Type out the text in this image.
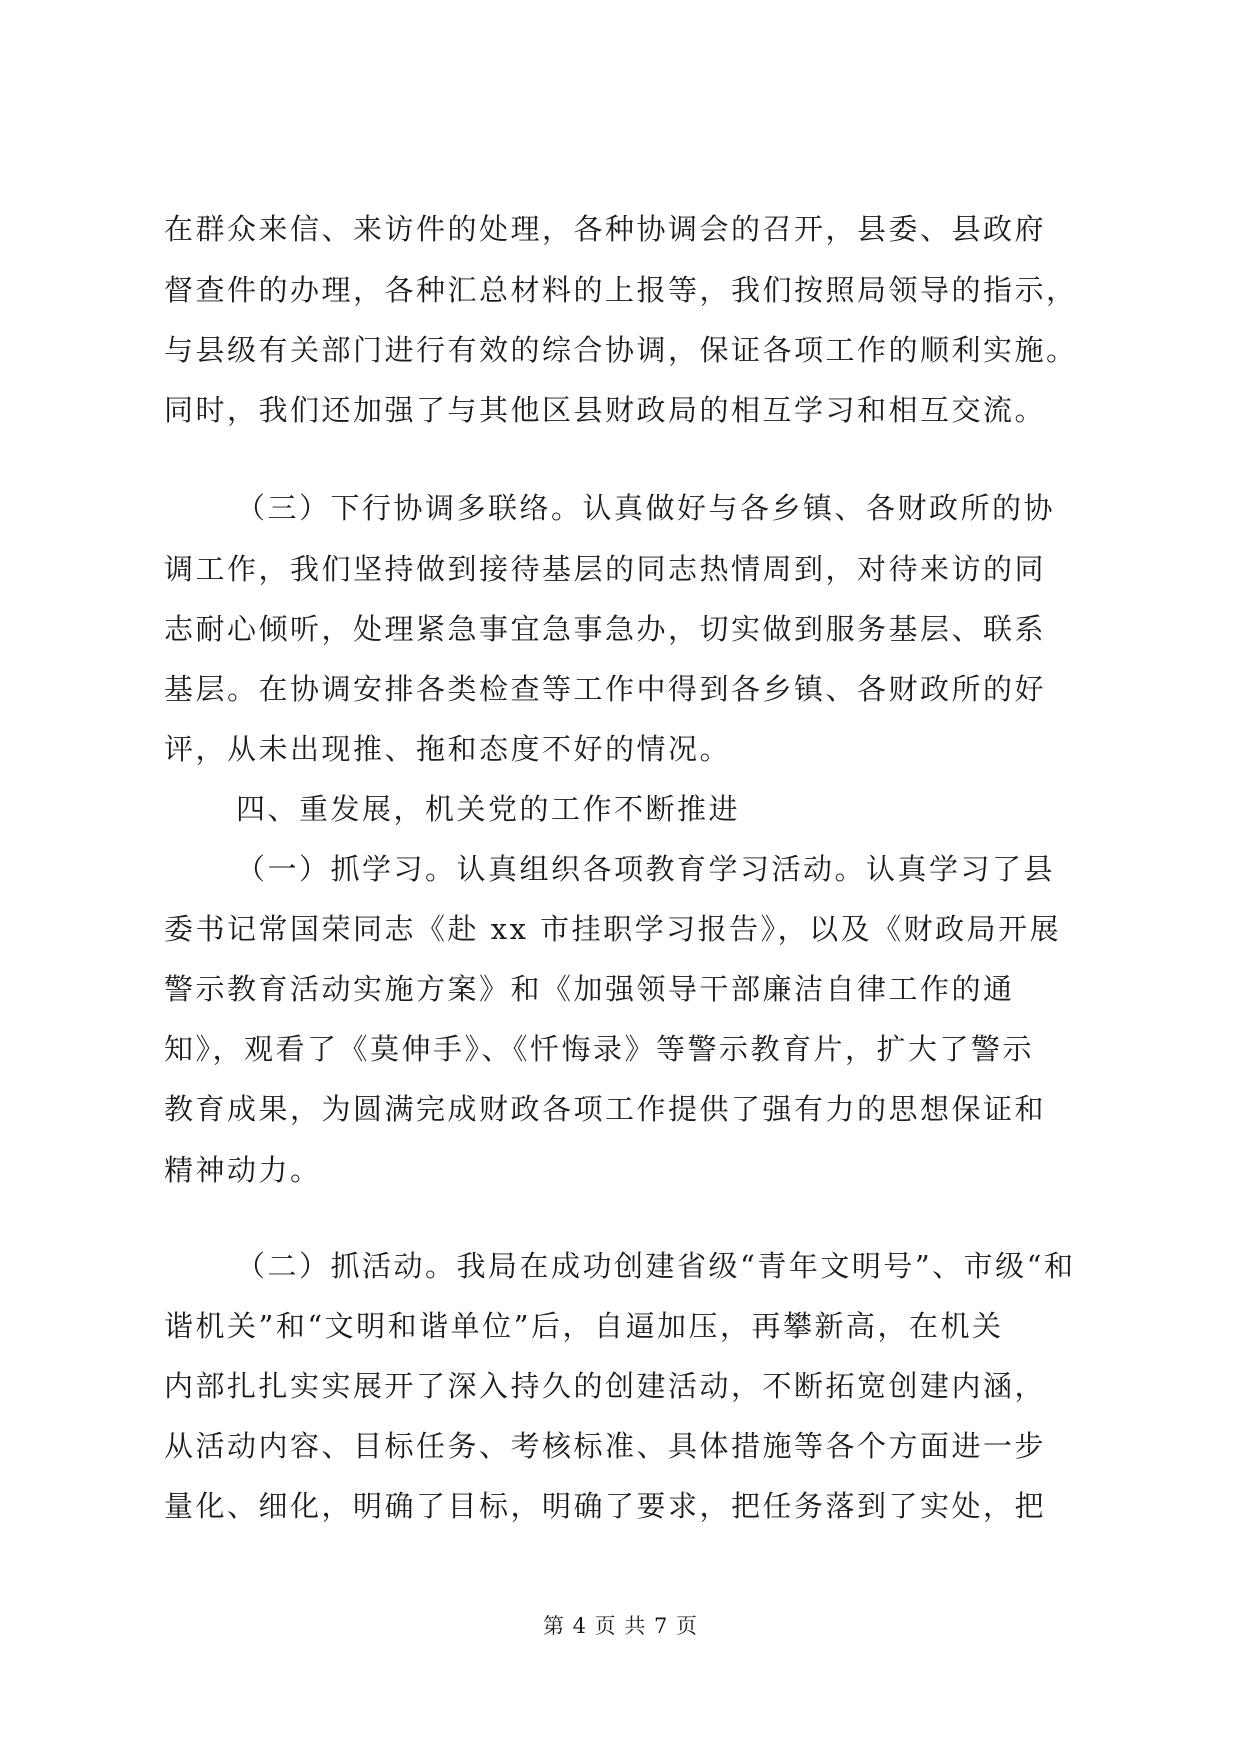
在群众来信、来访件的处理，各种协调会的召开，县委、县政府
督查件的办理，各种汇总材料的上报等，我们按照局领导的指示，
与县级有关部门进行有效的综合协调，保证各项工作的顺利实施。
同时，我们还加强了与其他区县财政局的相互学习和相互交流。
（三）下行协调多联络。认真做好与各乡镇、各财政所的协
调工作，我们坚持做到接待基层的同志热情周到，对待来访的同
志耐心倾听，处理紧急事宜急事急办，切实做到服务基层、联系
基层。在协调安排各类检查等工作中得到各乡镇、各财政所的好
评，从未出现推、拖和态度不好的情况。
四、重发展，机关党的工作不断推进
（一）抓学习。认真组织各项教育学习活动。认真学习了县
委书记常国荣同志《赴 xx 市挂职学习报告》，以及《财政局开展
警示教育活动实施方案》和《加强领导干部廉洁自律工作的通
知》，观看了《莫伸手》、《忏悔录》等警示教育片，扩大了警示
教育成果，为圆满完成财政各项工作提供了强有力的思想保证和
精神动力。
（二）抓活动。我局在成功创建省级“青年文明号”、市级“和
谐机关”和“文明和谐单位”后，自逼加压，再攀新高，在机关
内部扎扎实实展开了深入持久的创建活动，不断拓宽创建内涵，
从活动内容、目标任务、考核标准、具体措施等各个方面进一步
量化、细化，明确了目标，明确了要求，把任务落到了实处，把
第 4 页 共 7 页
